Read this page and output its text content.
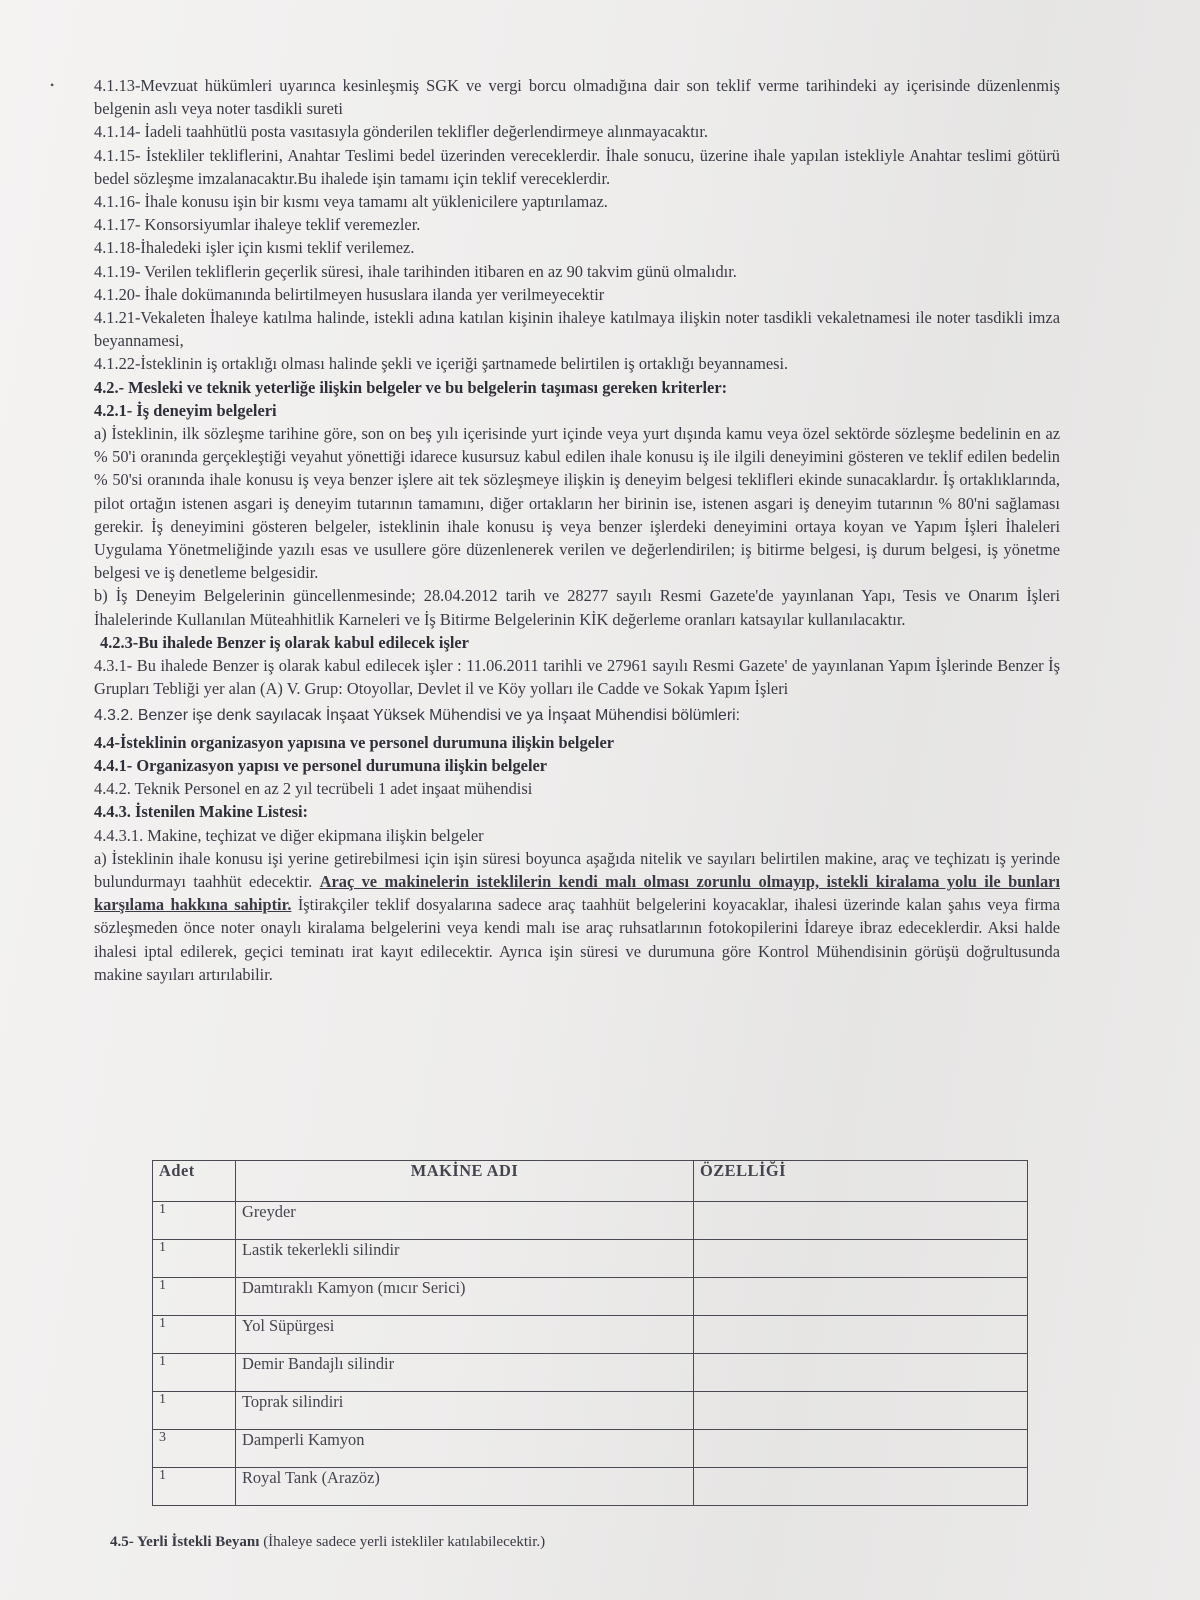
• 4.1.13-Mevzuat hükümleri uyarınca kesinleşmiş SGK ve vergi borcu olmadığına dair son teklif verme tarihindeki ay içerisinde düzenlenmiş belgenin aslı veya noter tasdikli sureti

4.1.14- İadeli taahhütlü posta vasıtasıyla gönderilen teklifler değerlendirmeye alınmayacaktır.

4.1.15- İstekliler tekliflerini, Anahtar Teslimi bedel üzerinden vereceklerdir. İhale sonucu, üzerine ihale yapılan istekliyle Anahtar teslimi götürü bedel sözleşme imzalanacaktır.Bu ihalede işin tamamı için teklif vereceklerdir.

4.1.16- İhale konusu işin bir kısmı veya tamamı alt yüklenicilere yaptırılamaz.

4.1.17- Konsorsiyumlar ihaleye teklif veremezler.

4.1.18-İhaledeki işler için kısmi teklif verilemez.

4.1.19- Verilen tekliflerin geçerlik süresi, ihale tarihinden itibaren en az 90 takvim günü olmalıdır.

4.1.20- İhale dokümanında belirtilmeyen hususlara ilanda yer verilmeyecektir

4.1.21-Vekaleten İhaleye katılma halinde, istekli adına katılan kişinin ihaleye katılmaya ilişkin noter tasdikli vekaletnamesi ile noter tasdikli imza beyannamesi,

4.1.22-İsteklinin iş ortaklığı olması halinde şekli ve içeriği şartnamede belirtilen iş ortaklığı beyannamesi.

4.2.- Mesleki ve teknik yeterliğe ilişkin belgeler ve bu belgelerin taşıması gereken kriterler:

4.2.1- İş deneyim belgeleri

a) İsteklinin, ilk sözleşme tarihine göre, son on beş yılı içerisinde yurt içinde veya yurt dışında kamu veya özel sektörde sözleşme bedelinin en az % 50'i oranında gerçekleştiği veyahut yönettiği idarece kusursuz kabul edilen ihale konusu iş ile ilgili deneyimini gösteren ve teklif edilen bedelin % 50'si oranında ihale konusu iş veya benzer işlere ait tek sözleşmeye ilişkin iş deneyim belgesi teklifleri ekinde sunacaklardır. İş ortaklıklarında, pilot ortağın istenen asgari iş deneyim tutarının tamamını, diğer ortakların her birinin ise, istenen asgari iş deneyim tutarının % 80'ni sağlaması gerekir. İş deneyimini gösteren belgeler, isteklinin ihale konusu iş veya benzer işlerdeki deneyimini ortaya koyan ve Yapım İşleri İhaleleri Uygulama Yönetmeliğinde yazılı esas ve usullere göre düzenlenerek verilen ve değerlendirilen; iş bitirme belgesi, iş durum belgesi, iş yönetme belgesi ve iş denetleme belgesidir.

b) İş Deneyim Belgelerinin güncellenmesinde; 28.04.2012 tarih ve 28277 sayılı Resmi Gazete'de yayınlanan Yapı, Tesis ve Onarım İşleri İhalelerinde Kullanılan Müteahhitlik Karneleri ve İş Bitirme Belgelerinin KİK değerleme oranları katsayılar kullanılacaktır.

4.2.3-Bu ihalede Benzer iş olarak kabul edilecek işler

4.3.1- Bu ihalede Benzer iş olarak kabul edilecek işler : 11.06.2011 tarihli ve 27961 sayılı Resmi Gazete' de yayınlanan Yapım İşlerinde Benzer İş Grupları Tebliği yer alan (A) V. Grup: Otoyollar, Devlet il ve Köy yolları ile Cadde ve Sokak Yapım İşleri

4.3.2. Benzer işe denk sayılacak İnşaat Yüksek Mühendisi ve ya İnşaat Mühendisi bölümleri:

4.4-İsteklinin organizasyon yapısına ve personel durumuna ilişkin belgeler

4.4.1- Organizasyon yapısı ve personel durumuna ilişkin belgeler

4.4.2. Teknik Personel en az 2 yıl tecrübeli 1 adet inşaat mühendisi

4.4.3. İstenilen Makine Listesi:

4.4.3.1. Makine, teçhizat ve diğer ekipmana ilişkin belgeler

a) İsteklinin ihale konusu işi yerine getirebilmesi için işin süresi boyunca aşağıda nitelik ve sayıları belirtilen makine, araç ve teçhizatı iş yerinde bulundurmayı taahhüt edecektir. Araç ve makinelerin isteklilerin kendi malı olması zorunlu olmayıp, istekli kiralama yolu ile bunları karşılama hakkına sahiptir. İştirakçiler teklif dosyalarına sadece araç taahhüt belgelerini koyacaklar, ihalesi üzerinde kalan şahıs veya firma sözleşmeden önce noter onaylı kiralama belgelerini veya kendi malı ise araç ruhsatlarının fotokopilerini İdareye ibraz edeceklerdir. Aksi halde ihalesi iptal edilerek, geçici teminatı irat kayıt edilecektir. Ayrıca işin süresi ve durumuna göre Kontrol Mühendisinin görüşü doğrultusunda makine sayıları artırılabilir.

Adet	MAKİNE ADI	ÖZELLİĞİ
1	Greyder	
1	Lastik tekerlekli silindir	
1	Damtıraklı Kamyon (mıcır Serici)	
1	Yol Süpürgesi	
1	Demir Bandajlı silindir	
1	Toprak silindiri	
3	Damperli Kamyon	
1	Royal Tank (Arazöz)	
4.5- Yerli İstekli Beyanı (İhaleye sadece yerli istekliler katılabilecektir.)
